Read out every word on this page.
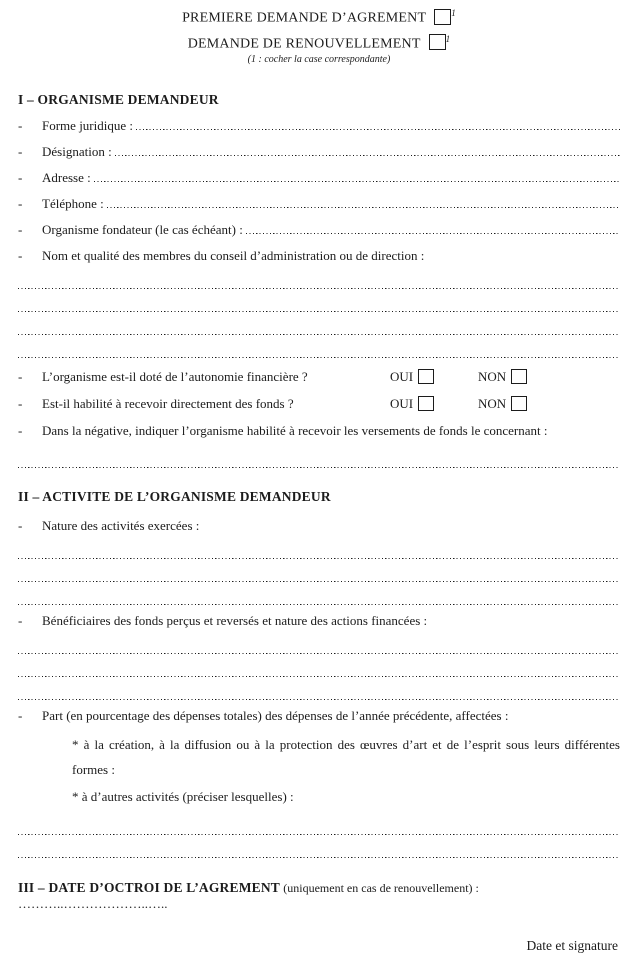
PREMIERE DEMANDE D’AGREMENT	$^1$
DEMANDE DE RENOUVELLEMENT	$^1$
(1 : cocher la case correspondante)
I – ORGANISME DEMANDEUR
-	Forme juridique :
-	Désignation :
-	Adresse :
-	Téléphone :
-	Organisme fondateur (le cas échéant) :
-	Nom et qualité des membres du conseil d’administration ou de direction :
-	L’organisme est-il doté de l’autonomie financière ?	OUI	NON
-	Est-il habilité à recevoir directement des fonds ?	OUI	NON
-	Dans la négative, indiquer l’organisme habilité à recevoir les versements de fonds le concernant :
II – ACTIVITE DE L’ORGANISME DEMANDEUR
-	Nature des activités exercées :
-	Bénéficiaires des fonds perçus et reversés et nature des actions financées :
-	Part (en pourcentage des dépenses totales) des dépenses de l’année précédente, affectées :
* à la création, à la diffusion ou à la protection des œuvres d’art et de l’esprit sous leurs différentes formes :
* à d’autres activités (préciser lesquelles) :
III – DATE D’OCTROI DE L’AGREMENT (uniquement en cas de renouvellement) : ………..………………..…..
Date et signature
